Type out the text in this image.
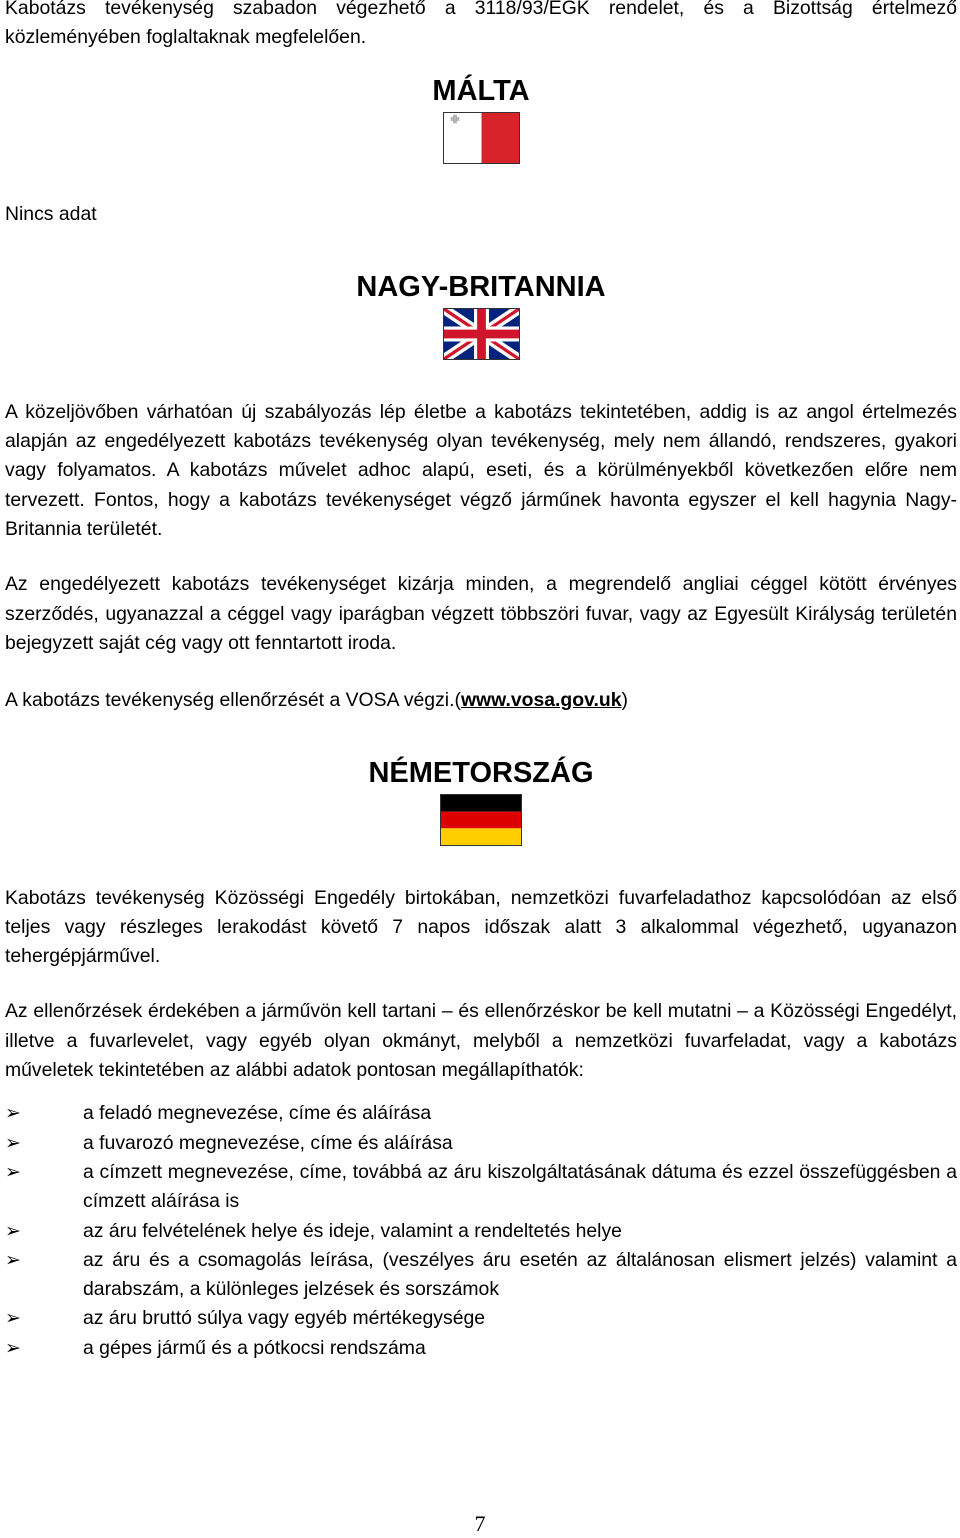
Kabotázs tevékenység szabadon végezhető a 3118/93/EGK rendelet, és a Bizottság értelmező közleményében foglaltaknak megfelelően.

MÁLTA

Nincs adat

NAGY-BRITANNIA

A közeljövőben várhatóan új szabályozás lép életbe a kabotázs tekintetében, addig is az angol értelmezés alapján az engedélyezett kabotázs tevékenység olyan tevékenység, mely nem állandó, rendszeres, gyakori vagy folyamatos. A kabotázs művelet adhoc alapú, eseti, és a körülményekből következően előre nem tervezett. Fontos, hogy a kabotázs tevékenységet végző járműnek havonta egyszer el kell hagynia Nagy-Britannia területét.

Az engedélyezett kabotázs tevékenységet kizárja minden, a megrendelő angliai céggel kötött érvényes szerződés, ugyanazzal a céggel vagy iparágban végzett többszöri fuvar, vagy az Egyesült Királyság területén bejegyzett saját cég vagy ott fenntartott iroda.

A kabotázs tevékenység ellenőrzését a VOSA végzi.(www.vosa.gov.uk)

NÉMETORSZÁG

Kabotázs tevékenység Közösségi Engedély birtokában, nemzetközi fuvarfeladathoz kapcsolódóan az első teljes vagy részleges lerakodást követő 7 napos időszak alatt 3 alkalommal végezhető, ugyanazon tehergépjárművel.

Az ellenőrzések érdekében a járművön kell tartani – és ellenőrzéskor be kell mutatni – a Közösségi Engedélyt, illetve a fuvarlevelet, vagy egyéb olyan okmányt, melyből a nemzetközi fuvarfeladat, vagy a kabotázs műveletek tekintetében az alábbi adatok pontosan megállapíthatók:

➢	a feladó megnevezése, címe és aláírása
➢	a fuvarozó megnevezése, címe és aláírása
➢	a címzett megnevezése, címe, továbbá az áru kiszolgáltatásának dátuma és ezzel összefüggésben a címzett aláírása is
➢	az áru felvételének helye és ideje, valamint a rendeltetés helye
➢	az áru és a csomagolás leírása, (veszélyes áru esetén az általánosan elismert jelzés) valamint a darabszám, a különleges jelzések és sorszámok
➢	az áru bruttó súlya vagy egyéb mértékegysége
➢	a gépes jármű és a pótkocsi rendszáma
7
